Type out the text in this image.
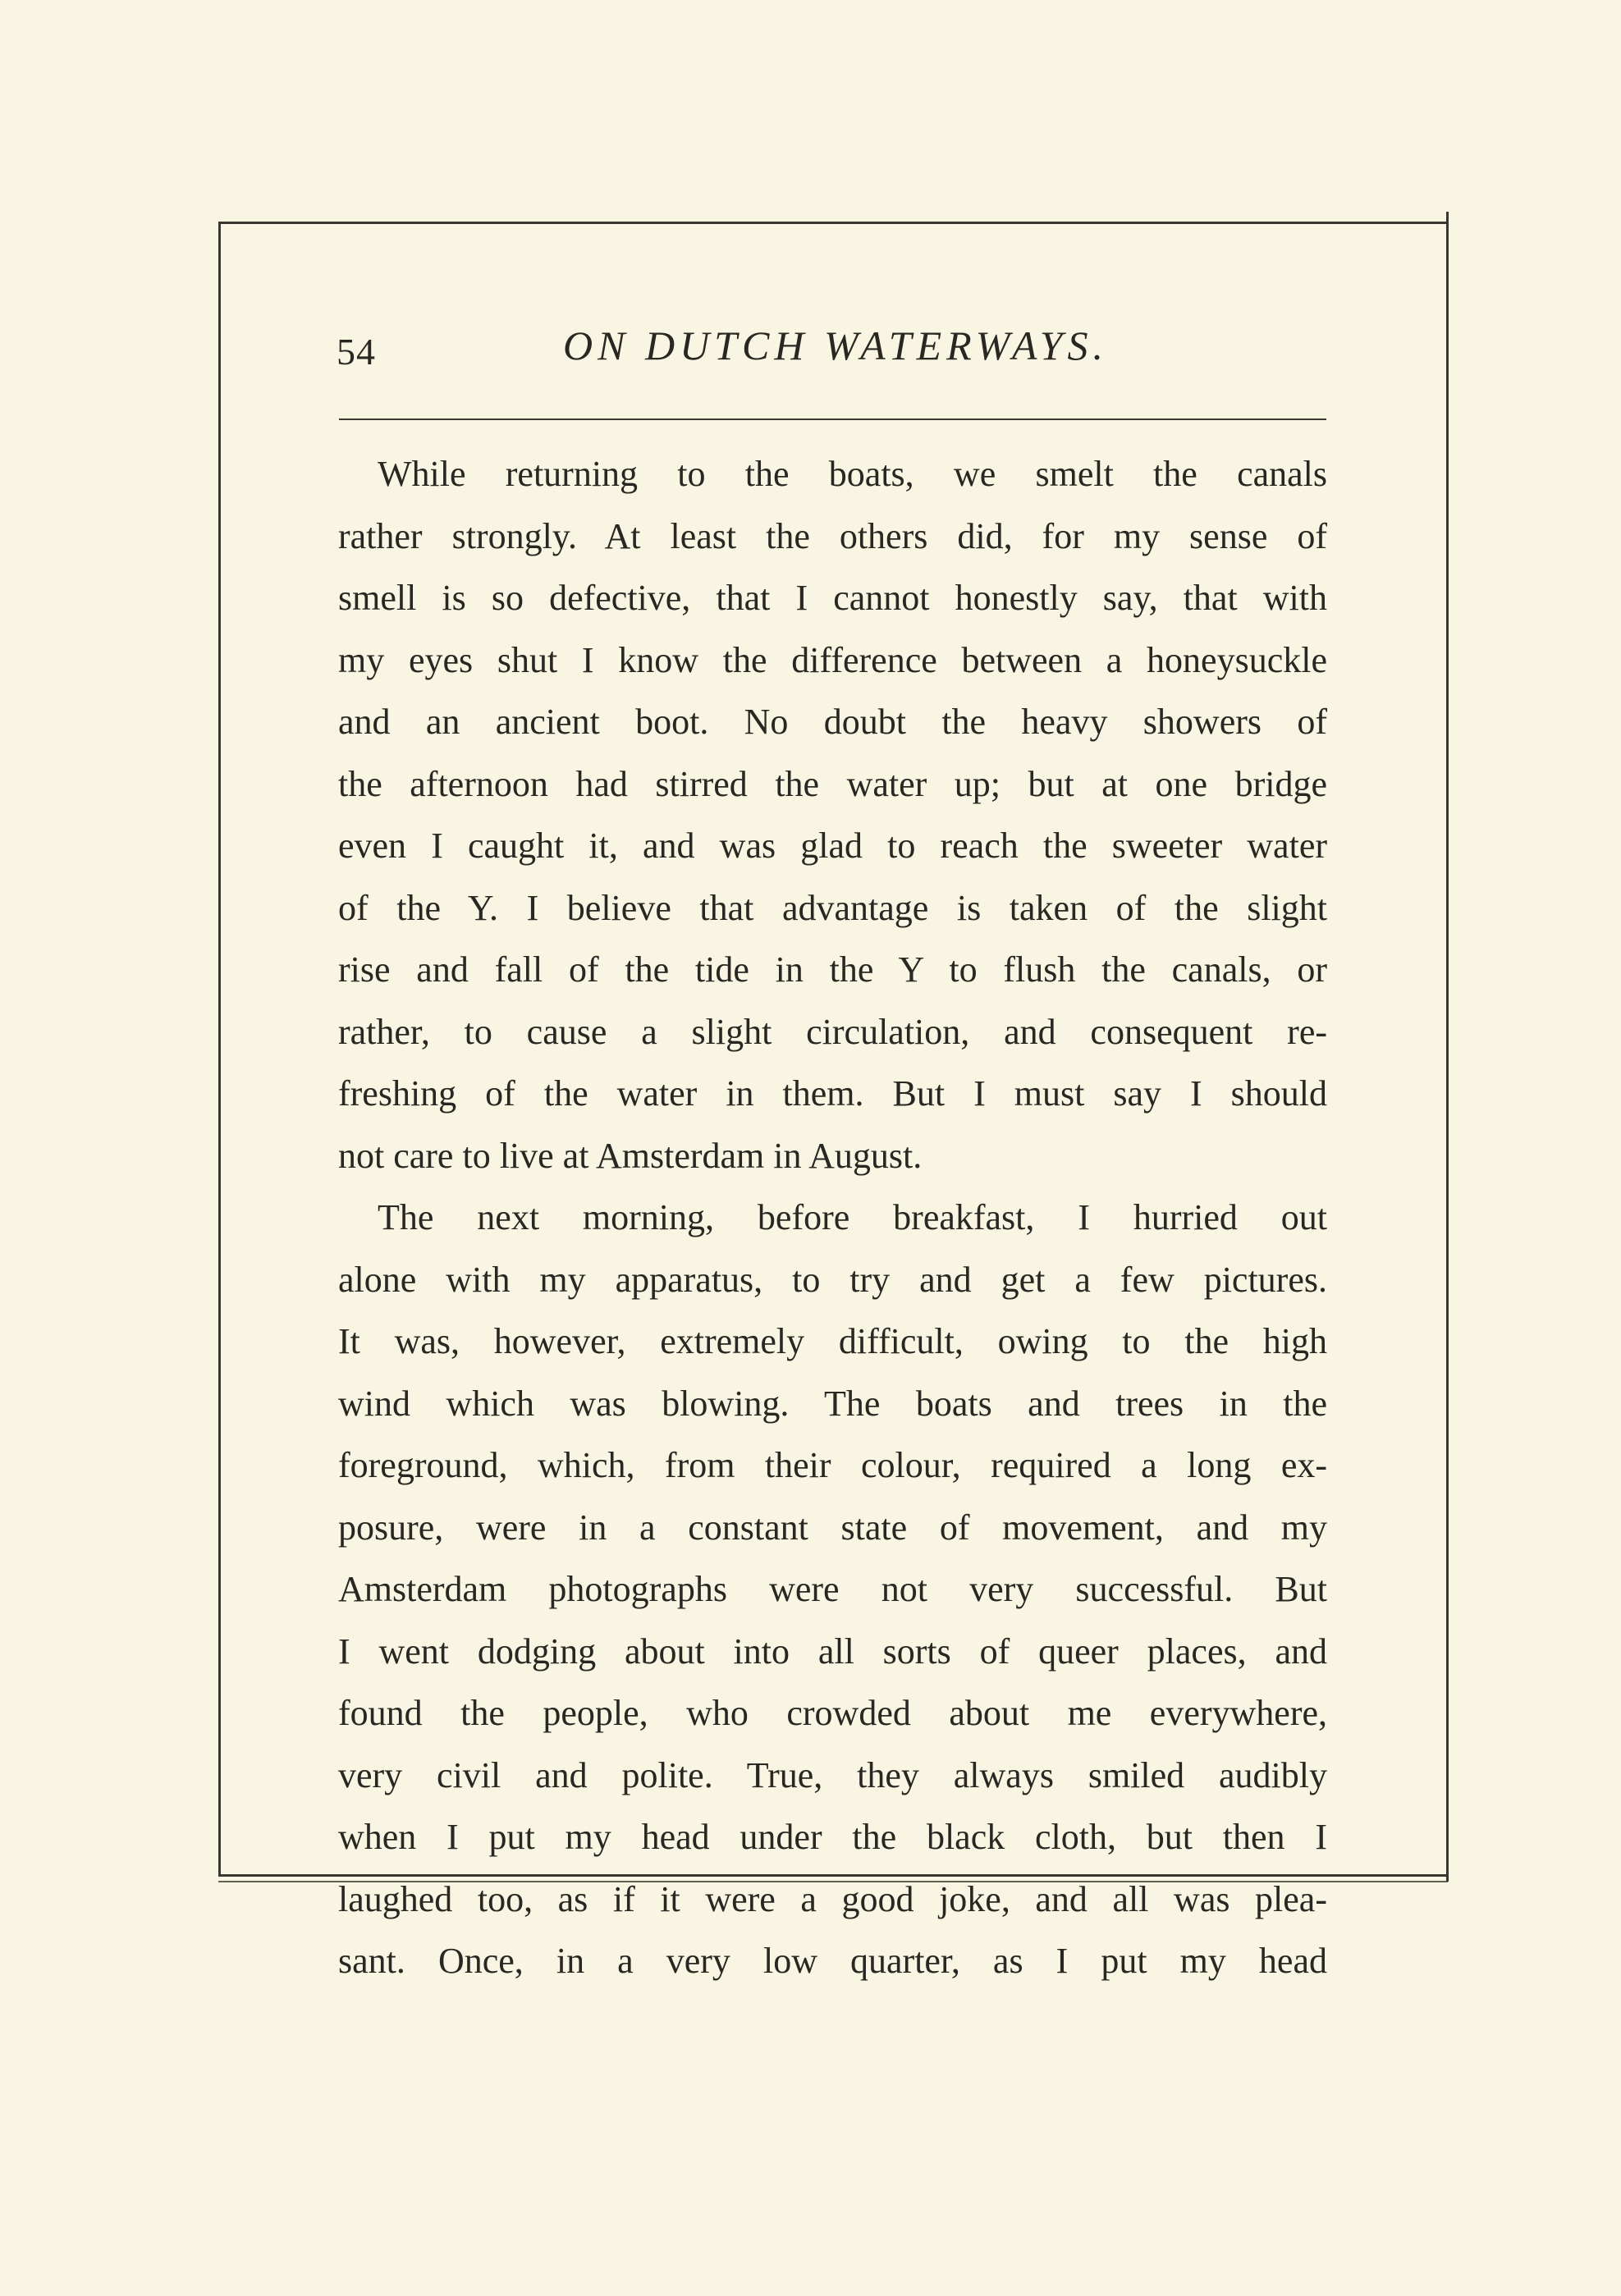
54	ON DUTCH WATERWAYS.
While returning to the boats, we smelt the canals
rather strongly. At least the others did, for my sense of
smell is so defective, that I cannot honestly say, that with
my eyes shut I know the difference between a honeysuckle
and an ancient boot. No doubt the heavy showers of
the afternoon had stirred the water up; but at one bridge
even I caught it, and was glad to reach the sweeter water
of the Y. I believe that advantage is taken of the slight
rise and fall of the tide in the Y to flush the canals, or
rather, to cause a slight circulation, and consequent re-
freshing of the water in them. But I must say I should
not care to live at Amsterdam in August.
The next morning, before breakfast, I hurried out
alone with my apparatus, to try and get a few pictures.
It was, however, extremely difficult, owing to the high
wind which was blowing. The boats and trees in the
foreground, which, from their colour, required a long ex-
posure, were in a constant state of movement, and my
Amsterdam photographs were not very successful. But
I went dodging about into all sorts of queer places, and
found the people, who crowded about me everywhere,
very civil and polite. True, they always smiled audibly
when I put my head under the black cloth, but then I
laughed too, as if it were a good joke, and all was plea-
sant. Once, in a very low quarter, as I put my head
